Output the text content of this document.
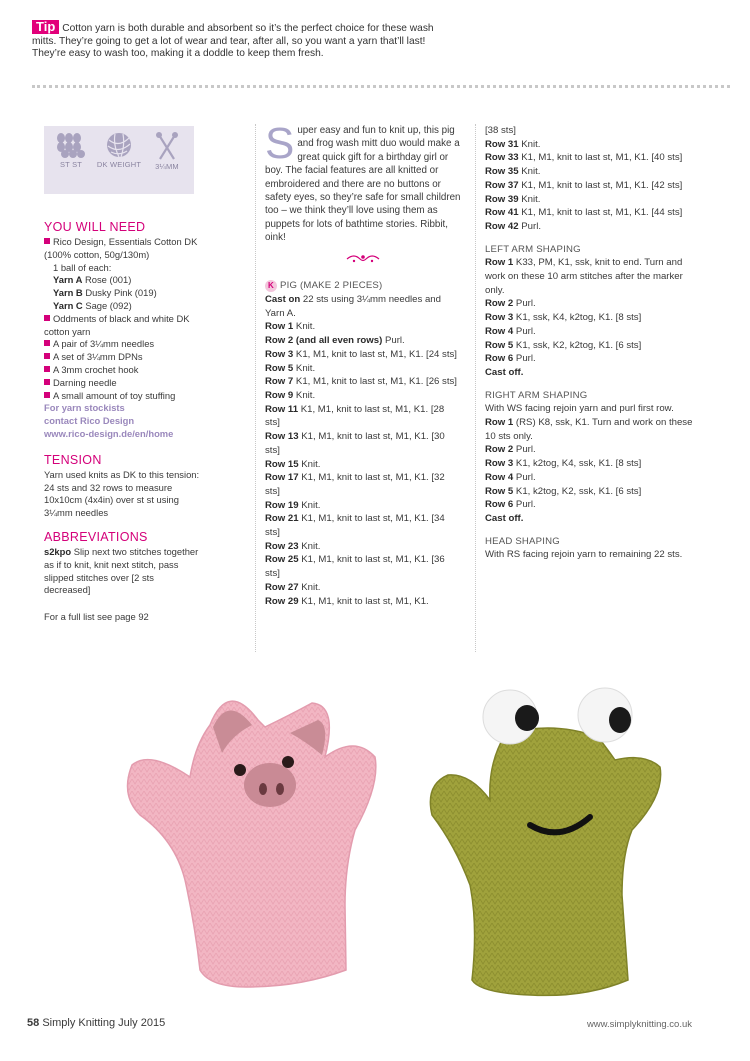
Tip Cotton yarn is both durable and absorbent so it’s the perfect choice for these wash mitts. They’re going to get a lot of wear and tear, after all, so you want a yarn that’ll last! They’re easy to wash too, making it a doddle to keep them fresh.
ST ST	DK WEIGHT	3¼MM
YOU WILL NEED
Rico Design, Essentials Cotton DK (100% cotton, 50g/130m)
1 ball of each:
Yarn A Rose (001)
Yarn B Dusky Pink (019)
Yarn C Sage (092)
Oddments of black and white DK cotton yarn
A pair of 3¼mm needles
A set of 3¼mm DPNs
A 3mm crochet hook
Darning needle
A small amount of toy stuffing
For yarn stockists
contact Rico Design
www.rico-design.de/en/home
TENSION
Yarn used knits as DK to this tension: 24 sts and 32 rows to measure 10x10cm (4x4in) over st st using 3¼mm needles
ABBREVIATIONS
s2kpo Slip next two stitches together as if to knit, knit next stitch, pass slipped stitches over [2 sts decreased]
For a full list see page 92
Super easy and fun to knit up, this pig and frog wash mitt duo would make a great quick gift for a birthday girl or boy. The facial features are all knitted or embroidered and there are no buttons or safety eyes, so they’re safe for small children too – we think they’ll love using them as puppets for lots of bathtime stories. Ribbit, oink!
K PIG (MAKE 2 PIECES)
Cast on 22 sts using 3¼mm needles and Yarn A.
Row 1 Knit.
Row 2 (and all even rows) Purl.
Row 3 K1, M1, knit to last st, M1, K1. [24 sts]
Row 5 Knit.
Row 7 K1, M1, knit to last st, M1, K1. [26 sts]
Row 9 Knit.
Row 11 K1, M1, knit to last st, M1, K1. [28 sts]
Row 13 K1, M1, knit to last st, M1, K1. [30 sts]
Row 15 Knit.
Row 17 K1, M1, knit to last st, M1, K1. [32 sts]
Row 19 Knit.
Row 21 K1, M1, knit to last st, M1, K1. [34 sts]
Row 23 Knit.
Row 25 K1, M1, knit to last st, M1, K1. [36 sts]
Row 27 Knit.
Row 29 K1, M1, knit to last st, M1, K1.
[38 sts]
Row 31 Knit.
Row 33 K1, M1, knit to last st, M1, K1. [40 sts]
Row 35 Knit.
Row 37 K1, M1, knit to last st, M1, K1. [42 sts]
Row 39 Knit.
Row 41 K1, M1, knit to last st, M1, K1. [44 sts]
Row 42 Purl.
LEFT ARM SHAPING
Row 1 K33, PM, K1, ssk, knit to end. Turn and work on these 10 arm stitches after the marker only.
Row 2 Purl.
Row 3 K1, ssk, K4, k2tog, K1. [8 sts]
Row 4 Purl.
Row 5 K1, ssk, K2, k2tog, K1. [6 sts]
Row 6 Purl.
Cast off.
RIGHT ARM SHAPING
With WS facing rejoin yarn and purl first row.
Row 1 (RS) K8, ssk, K1. Turn and work on these 10 sts only.
Row 2 Purl.
Row 3 K1, k2tog, K4, ssk, K1. [8 sts]
Row 4 Purl.
Row 5 K1, k2tog, K2, ssk, K1. [6 sts]
Row 6 Purl.
Cast off.
HEAD SHAPING
With RS facing rejoin yarn to remaining 22 sts.
58 Simply Knitting July 2015	www.simplyknitting.co.uk
